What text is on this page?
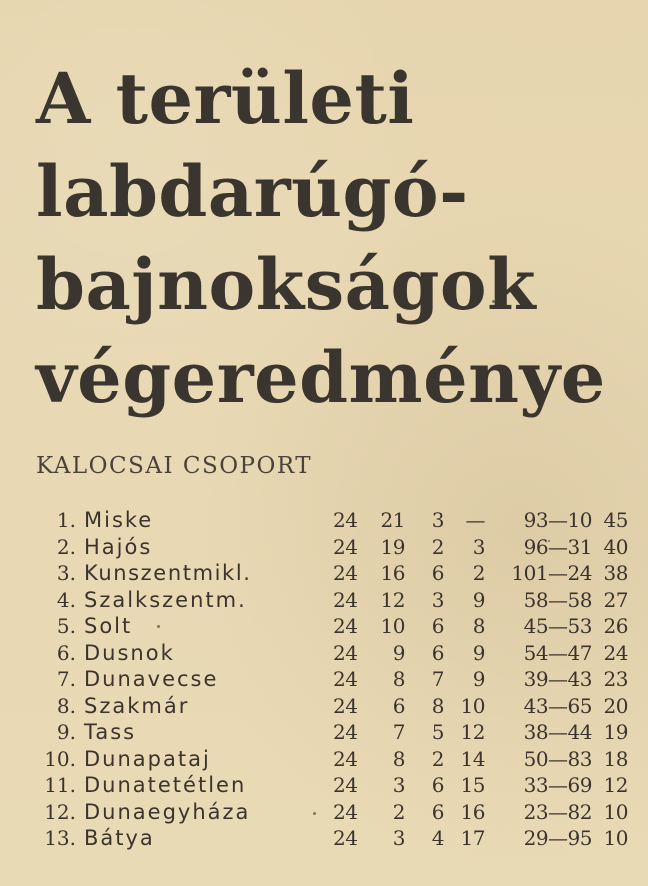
A területi
labdarúgó-
bajnokságok
végeredménye
KALOCSAI CSOPORT
1. Miske	24 21	3	—	93—10 45
2. Hajós	24 19	2	3	96—31 40
3. Kunszentmikl.	24 16	6	2	101—24 38
4. Szalkszentm.	24 12	3	9	58—58 27
5. Solt	24 10	6	8	45—53 26
6. Dusnok	24	9	6	9	54—47 24
7. Dunavecse	24	8	7	9	39—43 23
8. Szakmár	24	6	8 10	43—65 20
9. Tass	24	7	5 12	38—44 19
10. Dunapataj	24	8	2 14	50—83 18
11. Dunatetétlen	24	3	6 15	33—69 12
12. Dunaegyháza	24	2	6 16	23—82 10
13. Bátya	24	3	4 17	29—95 10
